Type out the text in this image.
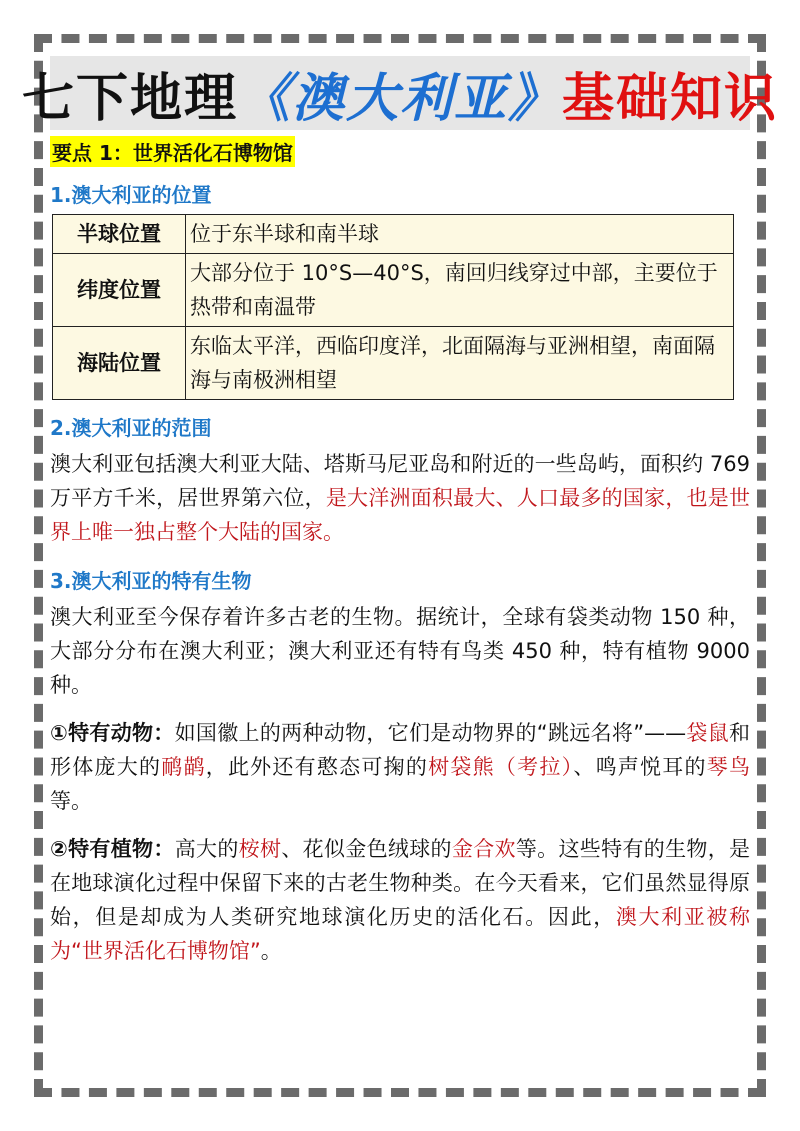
七下地理 《澳大利亚》 基础知识
要点 1：世界活化石博物馆
1.澳大利亚的位置
半球位置	位于东半球和南半球
纬度位置	大部分位于 10°S—40°S，南回归线穿过中部，主要位于热带和南温带
海陆位置	东临太平洋，西临印度洋，北面隔海与亚洲相望，南面隔海与南极洲相望
2.澳大利亚的范围

澳大利亚包括澳大利亚大陆、塔斯马尼亚岛和附近的一些岛屿，面积约 769 万平方千米，居世界第六位，是大洋洲面积最大、人口最多的国家，也是世界上唯一独占整个大陆的国家。

3.澳大利亚的特有生物

澳大利亚至今保存着许多古老的生物。据统计，全球有袋类动物 150 种，大部分分布在澳大利亚；澳大利亚还有特有鸟类 450 种，特有植物 9000 种。

①特有动物：如国徽上的两种动物，它们是动物界的“跳远名将”——袋鼠和形体庞大的鸸鹋，此外还有憨态可掬的树袋熊（考拉）、鸣声悦耳的琴鸟等。

②特有植物：高大的桉树、花似金色绒球的金合欢等。这些特有的生物，是在地球演化过程中保留下来的古老生物种类。在今天看来，它们虽然显得原始，但是却成为人类研究地球演化历史的活化石。因此，澳大利亚被称为“世界活化石博物馆”。
